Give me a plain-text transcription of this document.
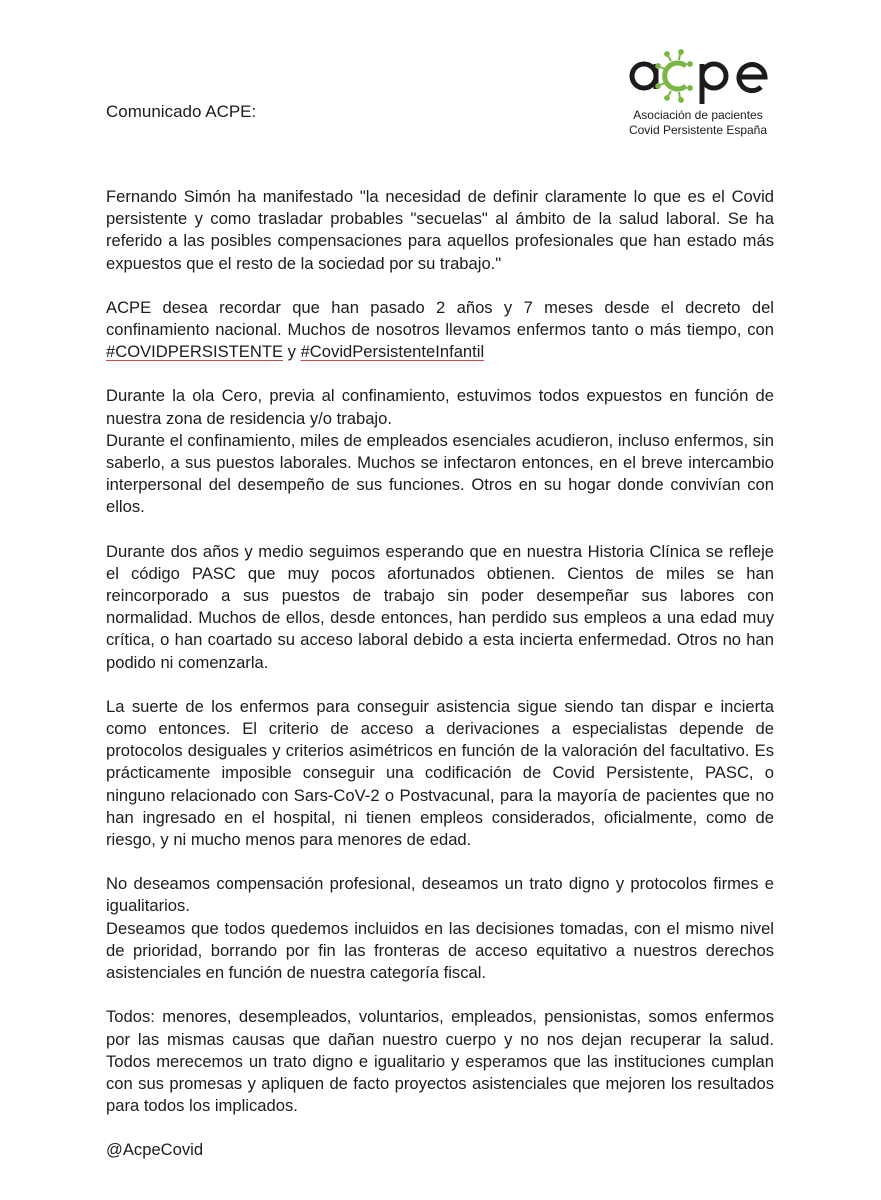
Comunicado ACPE:	Asociación de pacientes
Covid Persistente España

Fernando Simón ha manifestado "la necesidad de definir claramente lo que es el Covid persistente y como trasladar probables "secuelas" al ámbito de la salud laboral. Se ha referido a las posibles compensaciones para aquellos profesionales que han estado más expuestos que el resto de la sociedad por su trabajo."

ACPE desea recordar que han pasado 2 años y 7 meses desde el decreto del confinamiento nacional. Muchos de nosotros llevamos enfermos tanto o más tiempo, con #COVIDPERSISTENTE y #CovidPersistenteInfantil

Durante la ola Cero, previa al confinamiento, estuvimos todos expuestos en función de nuestra zona de residencia y/o trabajo.

Durante el confinamiento, miles de empleados esenciales acudieron, incluso enfermos, sin saberlo, a sus puestos laborales. Muchos se infectaron entonces, en el breve intercambio interpersonal del desempeño de sus funciones. Otros en su hogar donde convivían con ellos.

Durante dos años y medio seguimos esperando que en nuestra Historia Clínica se refleje el código PASC que muy pocos afortunados obtienen. Cientos de miles se han reincorporado a sus puestos de trabajo sin poder desempeñar sus labores con normalidad. Muchos de ellos, desde entonces, han perdido sus empleos a una edad muy crítica, o han coartado su acceso laboral debido a esta incierta enfermedad. Otros no han podido ni comenzarla.

La suerte de los enfermos para conseguir asistencia sigue siendo tan dispar e incierta como entonces. El criterio de acceso a derivaciones a especialistas depende de protocolos desiguales y criterios asimétricos en función de la valoración del facultativo. Es prácticamente imposible conseguir una codificación de Covid Persistente, PASC, o ninguno relacionado con Sars-CoV-2 o Postvacunal, para la mayoría de pacientes que no han ingresado en el hospital, ni tienen empleos considerados, oficialmente, como de riesgo, y ni mucho menos para menores de edad.

No deseamos compensación profesional, deseamos un trato digno y protocolos firmes e igualitarios.

Deseamos que todos quedemos incluidos en las decisiones tomadas, con el mismo nivel de prioridad, borrando por fin las fronteras de acceso equitativo a nuestros derechos asistenciales en función de nuestra categoría fiscal.

Todos: menores, desempleados, voluntarios, empleados, pensionistas, somos enfermos por las mismas causas que dañan nuestro cuerpo y no nos dejan recuperar la salud. Todos merecemos un trato digno e igualitario y esperamos que las instituciones cumplan con sus promesas y apliquen de facto proyectos asistenciales que mejoren los resultados para todos los implicados.

@AcpeCovid
